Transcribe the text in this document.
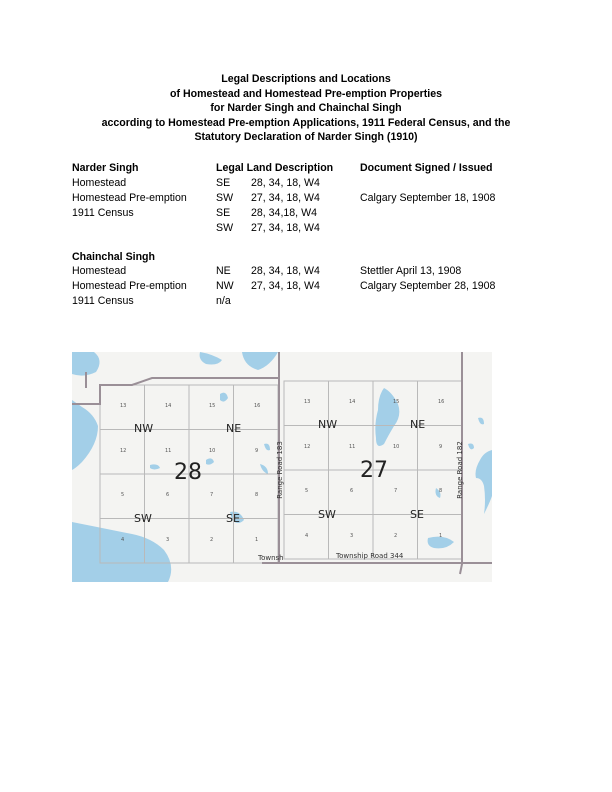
Legal Descriptions and Locations
of Homestead and Homestead Pre-emption Properties
for Narder Singh and Chainchal Singh
according to Homestead Pre-emption Applications, 1911 Federal Census, and the
Statutory Declaration of Narder Singh (1910)
Narder Singh	Legal Land Description	Document Signed / Issued
Homestead	SE 28, 34, 18, W4
Homestead Pre-emption	SW 27, 34, 18, W4	Calgary September 18, 1908
1911 Census	SE 28, 34,18, W4
SW 27, 34, 18, W4
Chainchal Singh
Homestead	NE 28, 34, 18, W4	Stettler April 13, 1908
Homestead Pre-emption	NW 27, 34, 18, W4	Calgary September 28, 1908
1911 Census	n/a
28	27
NW	NE
SW	SE
NW	NE
SW	SE
Range Road 183	Range Road 182
Township Road 344
Townsh
13	14	15	16
12	11	10	9
5	6	7	8
4	3	2	1
13	14	15	16
12	11	10	9
5	6	7	8
4	3	2	1
